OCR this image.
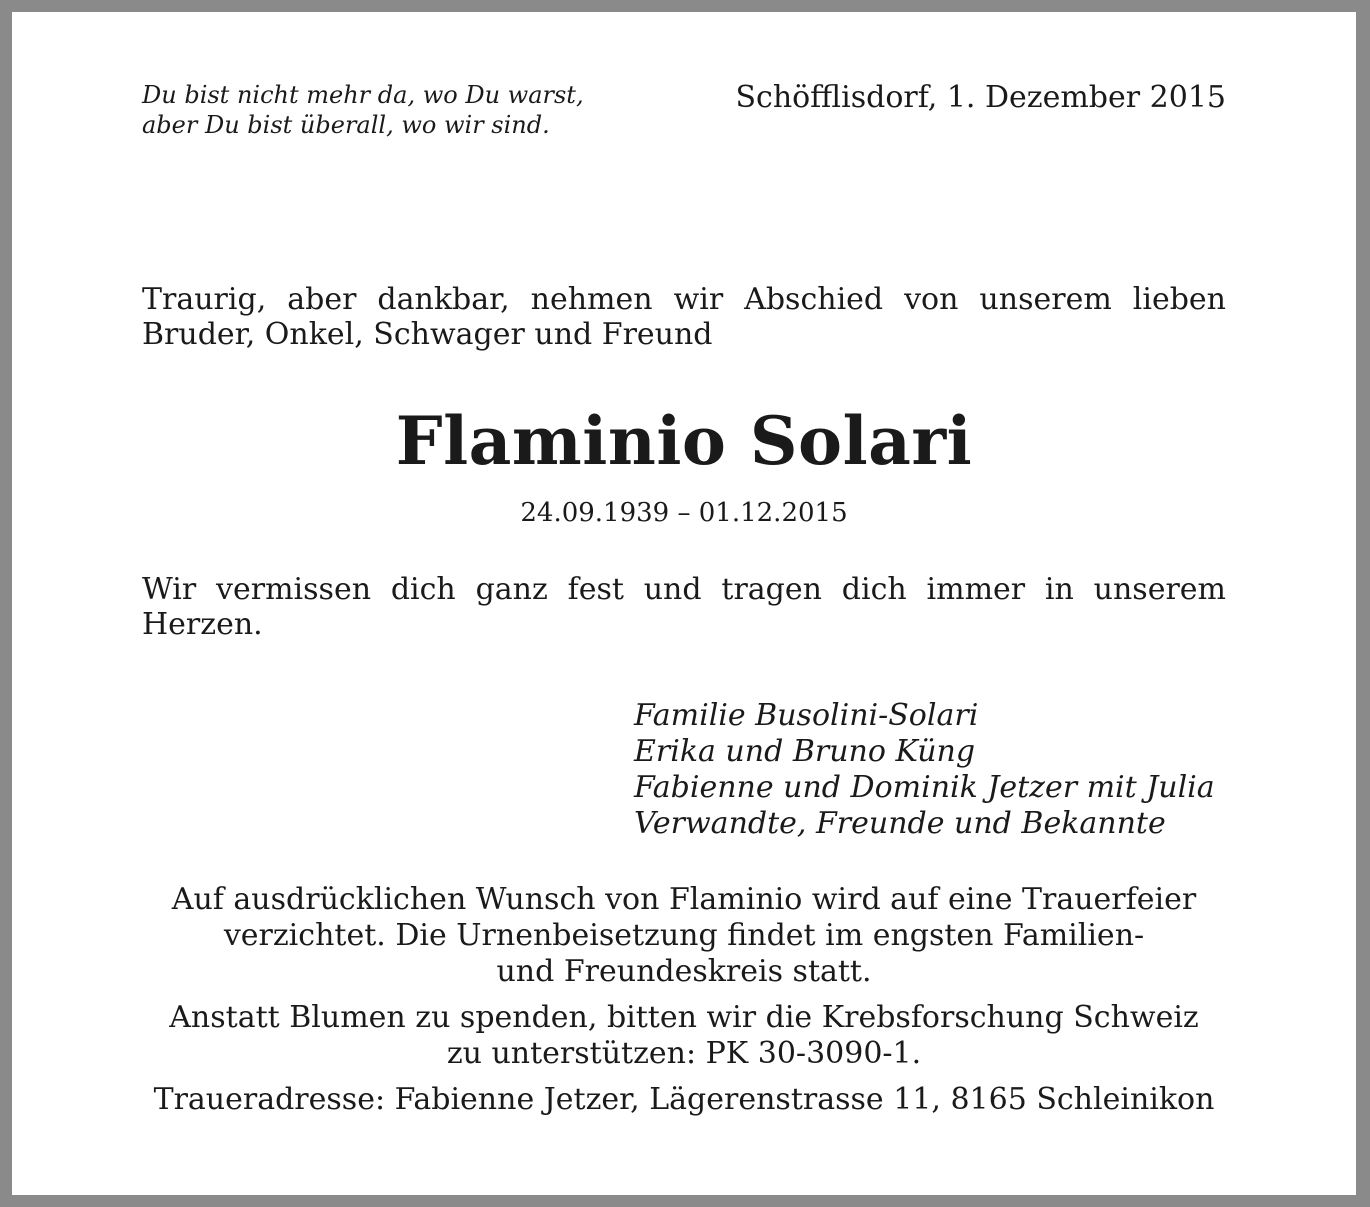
Du bist nicht mehr da, wo Du warst,
aber Du bist überall, wo wir sind.
Schöfflisdorf, 1. Dezember 2015
Traurig, aber dankbar, nehmen wir Abschied von unserem lieben Bruder, Onkel, Schwager und Freund
Flaminio Solari
24.09.1939 – 01.12.2015
Wir vermissen dich ganz fest und tragen dich immer in unserem Herzen.
Familie Busolini-Solari
Erika und Bruno Küng
Fabienne und Dominik Jetzer mit Julia
Verwandte, Freunde und Bekannte
Auf ausdrücklichen Wunsch von Flaminio wird auf eine Trauerfeier
verzichtet. Die Urnenbeisetzung findet im engsten Familien-
und Freundeskreis statt.
Anstatt Blumen zu spenden, bitten wir die Krebsforschung Schweiz
zu unterstützen: PK 30-3090-1.
Traueradresse: Fabienne Jetzer, Lägerenstrasse 11, 8165 Schleinikon
